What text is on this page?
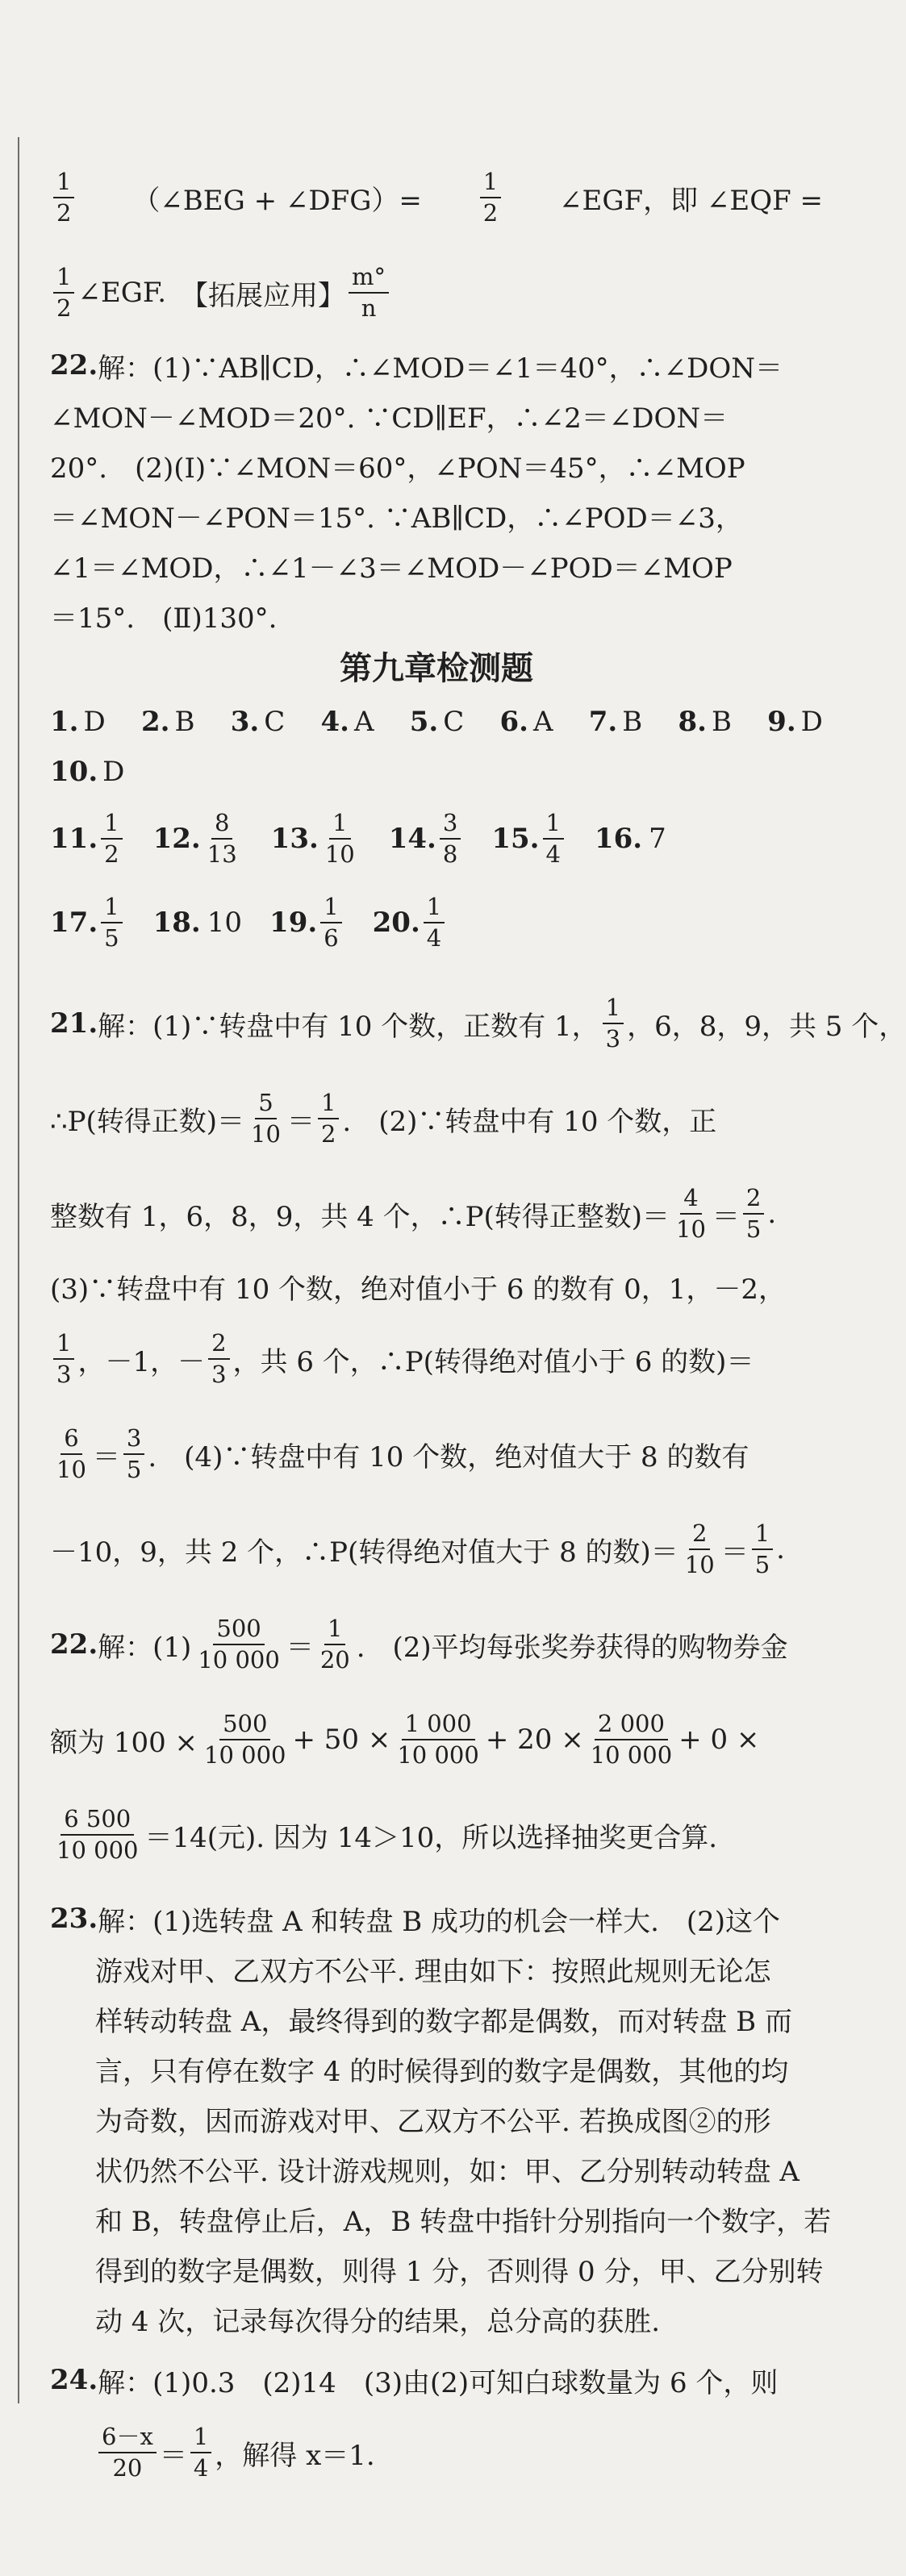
$\frac{1}{2}$ （∠BEG + ∠DFG）= $\frac{1}{2}$ ∠EGF，即 ∠EQF =
$\frac{1}{2}$ ∠EGF. 【拓展应用】 $\frac{m^\circ}{n}$
22. 解：(1)∵AB∥CD，∴∠MOD＝∠1＝40°，∴∠DON＝
∠MON－∠MOD＝20°. ∵CD∥EF，∴∠2＝∠DON＝
20°.　(2)(Ⅰ)∵∠MON＝60°，∠PON＝45°，∴∠MOP
＝∠MON－∠PON＝15°. ∵AB∥CD，∴∠POD＝∠3，
∠1＝∠MOD，∴∠1－∠3＝∠MOD－∠POD＝∠MOP
＝15°.　(Ⅱ)130°.
第九章检测题
1. D 2. B 3. C 4. A 5. C 6. A 7. B 8. B 9. D
10. D
11. $\frac{1}{2} 12$. $\frac{8}{13} 13$. $\frac{1}{10} 14$. $\frac{3}{8} 15$. $\frac{1}{4} 16$. 7
17. $\frac{1}{5} 18$. 10 19. $\frac{1}{6} 20$. $\frac{1}{4}$
21. 解：(1)∵转盘中有 10 个数，正数有 1， $\frac{1}{3}$ ，6，8，9，共 5 个，
∴P(转得正数)＝ $\frac{5}{10} = \frac{1}{2}$ .　(2)∵转盘中有 10 个数，正
整数有 1，6，8，9，共 4 个，∴P(转得正整数)＝ $\frac{4}{10} = \frac{2}{5}$ .
(3)∵转盘中有 10 个数，绝对值小于 6 的数有 0，1，－2，
$\frac{1}{3}$ ，－1，－ $\frac{2}{3}$ ，共 6 个，∴P(转得绝对值小于 6 的数)＝
$\frac{6}{10} = \frac{3}{5}$ .　(4)∵转盘中有 10 个数，绝对值大于 8 的数有
－10，9，共 2 个，∴P(转得绝对值大于 8 的数)＝ $\frac{2}{10} = \frac{1}{5}$ .
22. 解：$(1) \frac{500}{10 000} = \frac{1}{20}$ .　(2)平均每张奖券获得的购物券金
额为 $100 \times \frac{500}{10 000} + 50 \times \frac{1 000}{10 000} + 20 \times \frac{2 000}{10 000} + 0$ ×
$\frac{6 500}{10 000} =14$(元). 因为 14＞10，所以选择抽奖更合算.
23. 解：(1)选转盘 A 和转盘 B 成功的机会一样大.　(2)这个
游戏对甲、乙双方不公平. 理由如下：按照此规则无论怎
样转动转盘 A，最终得到的数字都是偶数，而对转盘 B 而
言，只有停在数字 4 的时候得到的数字是偶数，其他的均
为奇数，因而游戏对甲、乙双方不公平. 若换成图②的形
状仍然不公平. 设计游戏规则，如：甲、乙分别转动转盘 A
和 B，转盘停止后，A，B 转盘中指针分别指向一个数字，若
得到的数字是偶数，则得 1 分，否则得 0 分，甲、乙分别转
动 4 次，记录每次得分的结果，总分高的获胜.
24. 解：(1)0.3　(2)14　(3)由(2)可知白球数量为 6 个，则
$\frac{6-x}{20} = \frac{1}{4}$ ，解得 x＝1.
